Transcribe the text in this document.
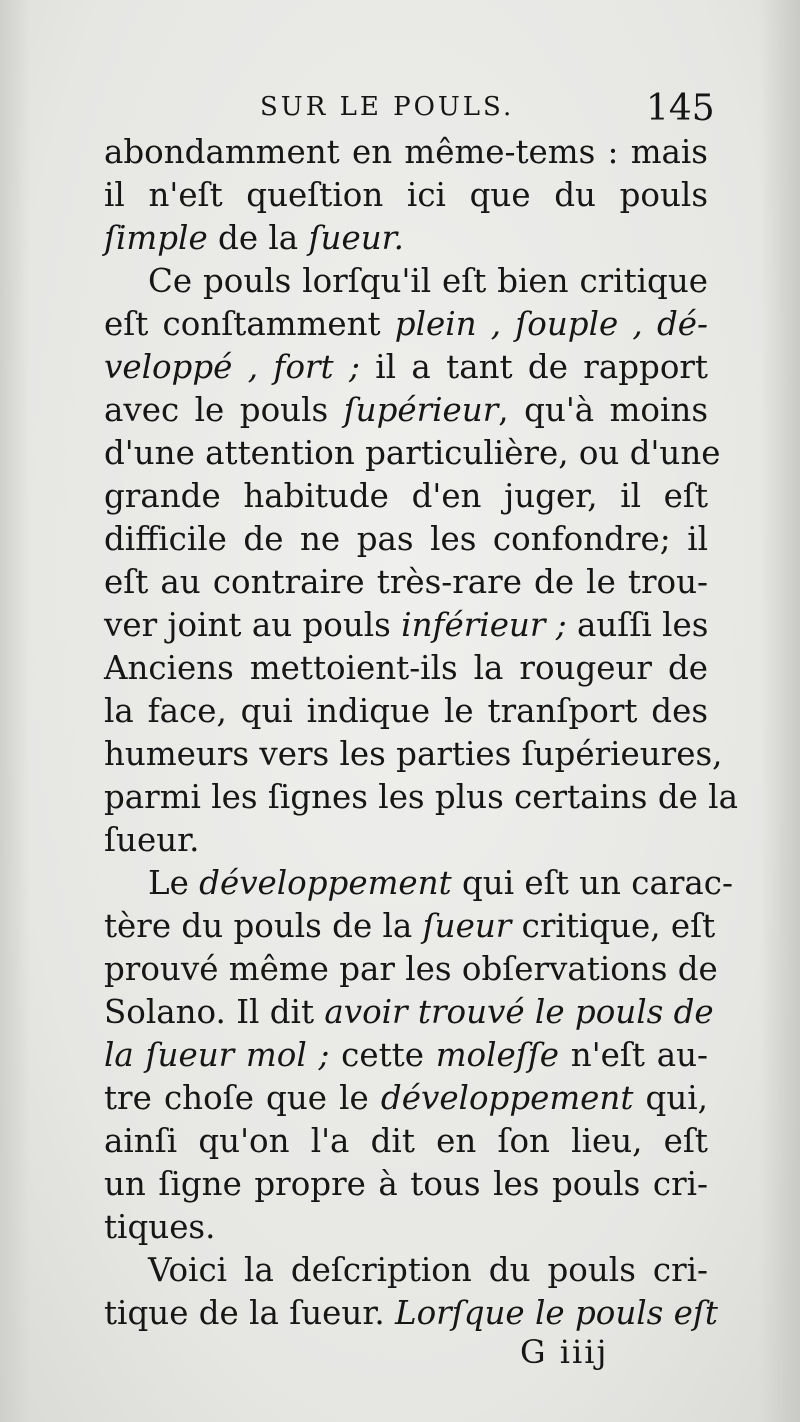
SUR LE POULS.	145
abondamment en même-tems : mais
il n'eſt queſtion ici que du pouls
ſimple de la ſueur.
Ce pouls lorſqu'il eſt bien critique
eſt conſtamment plein , ſouple , dé-
veloppé , fort ; il a tant de rapport
avec le pouls ſupérieur, qu'à moins
d'une attention particulière, ou d'une
grande habitude d'en juger, il eſt
difficile de ne pas les confondre; il
eſt au contraire très-rare de le trou-
ver joint au pouls inférieur ; auſſi les
Anciens mettoient-ils la rougeur de
la face, qui indique le tranſport des
humeurs vers les parties ſupérieures,
parmi les ſignes les plus certains de la
ſueur.
Le développement qui eſt un carac-
tère du pouls de la ſueur critique, eſt
prouvé même par les obſervations de
Solano. Il dit avoir trouvé le pouls de
la ſueur mol ; cette moleſſe n'eſt au-
tre choſe que le développement qui,
ainſi qu'on l'a dit en ſon lieu, eſt
un ſigne propre à tous les pouls cri-
tiques.
Voici la deſcription du pouls cri-
tique de la ſueur. Lorſque le pouls eſt
G iiij
